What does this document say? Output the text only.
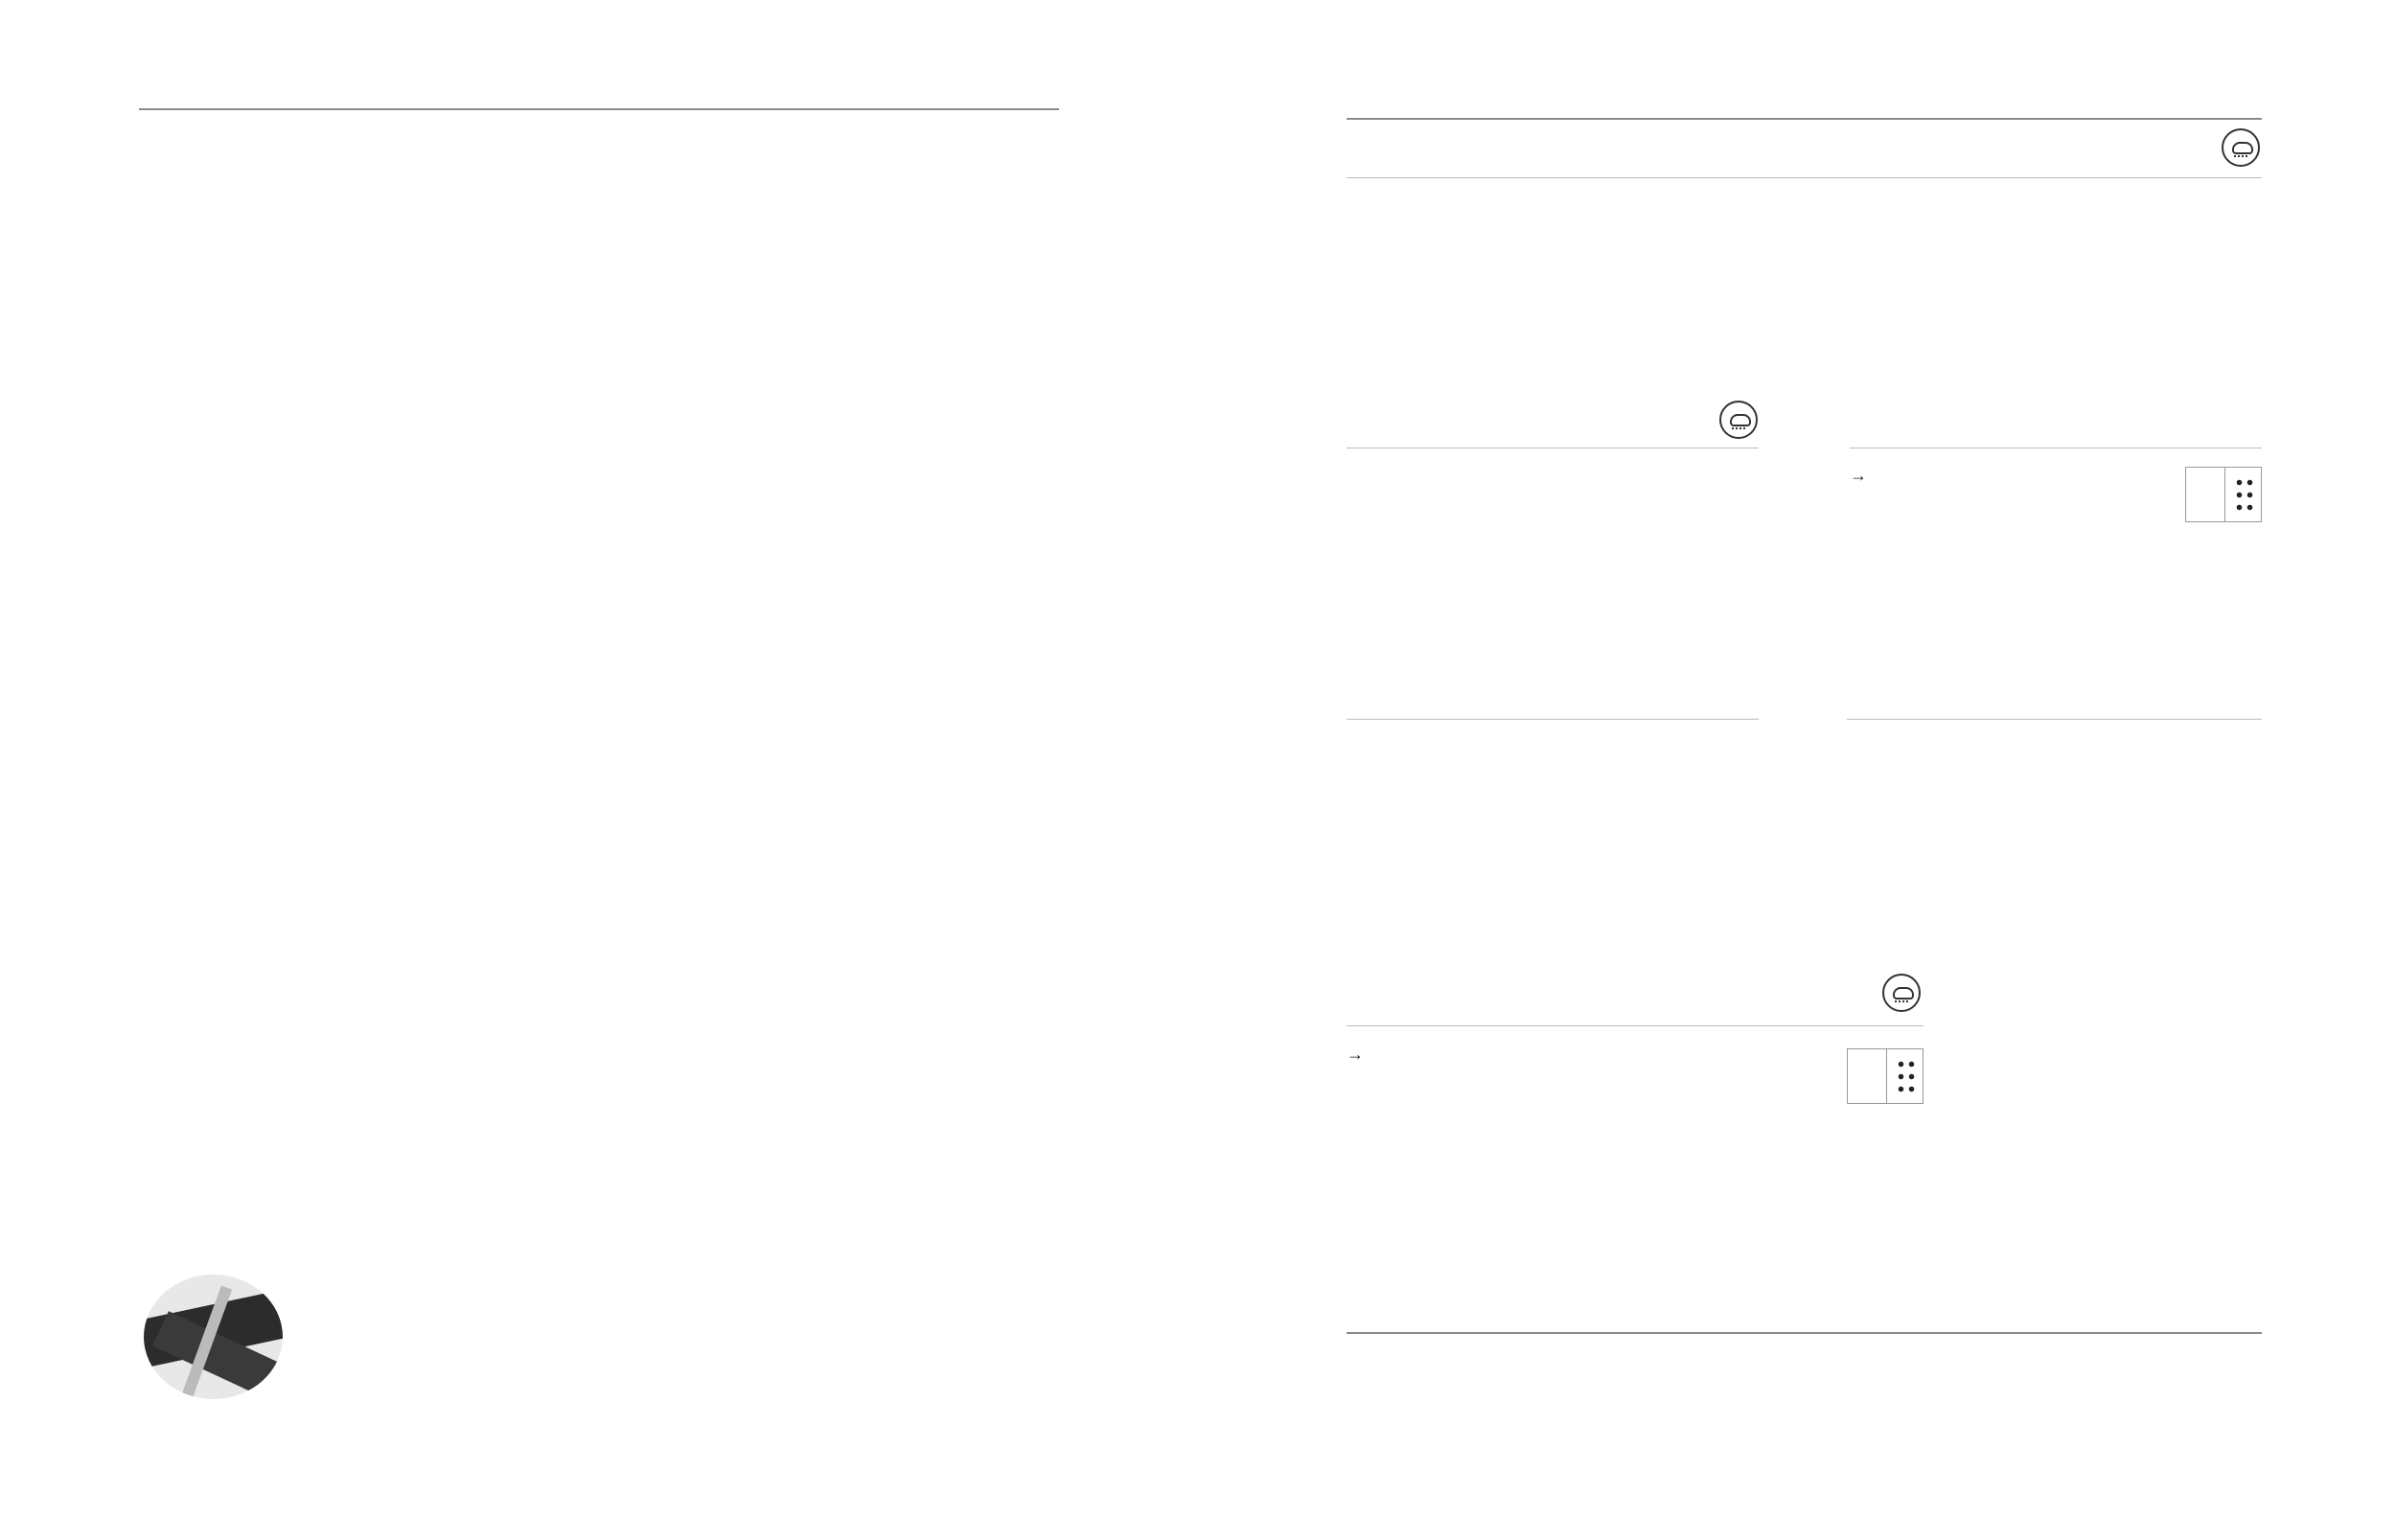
→

→
